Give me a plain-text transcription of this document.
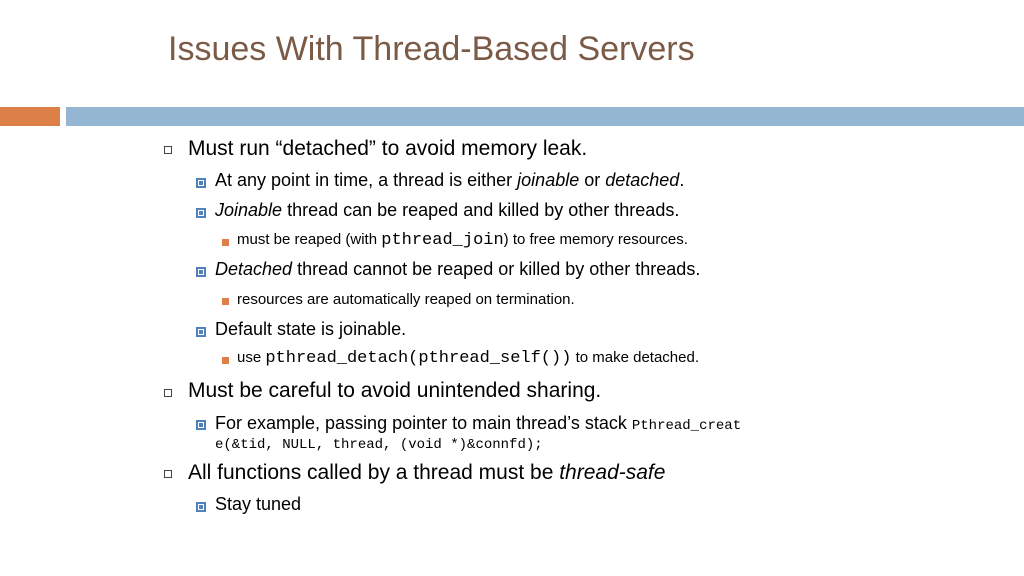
Issues With Thread-Based Servers
Must run “detached” to avoid memory leak.
At any point in time, a thread is either joinable or detached.
Joinable thread can be reaped and killed by other threads.
must be reaped (with pthread_join) to free memory resources.
Detached thread cannot be reaped or killed by other threads.
resources are automatically reaped on termination.
Default state is joinable.
use pthread_detach(pthread_self()) to make detached.
Must be careful to avoid unintended sharing.
For example, passing pointer to main thread’s stack Pthread_creat
e(&tid, NULL, thread, (void *)&connfd);
All functions called by a thread must be thread-safe
Stay tuned
